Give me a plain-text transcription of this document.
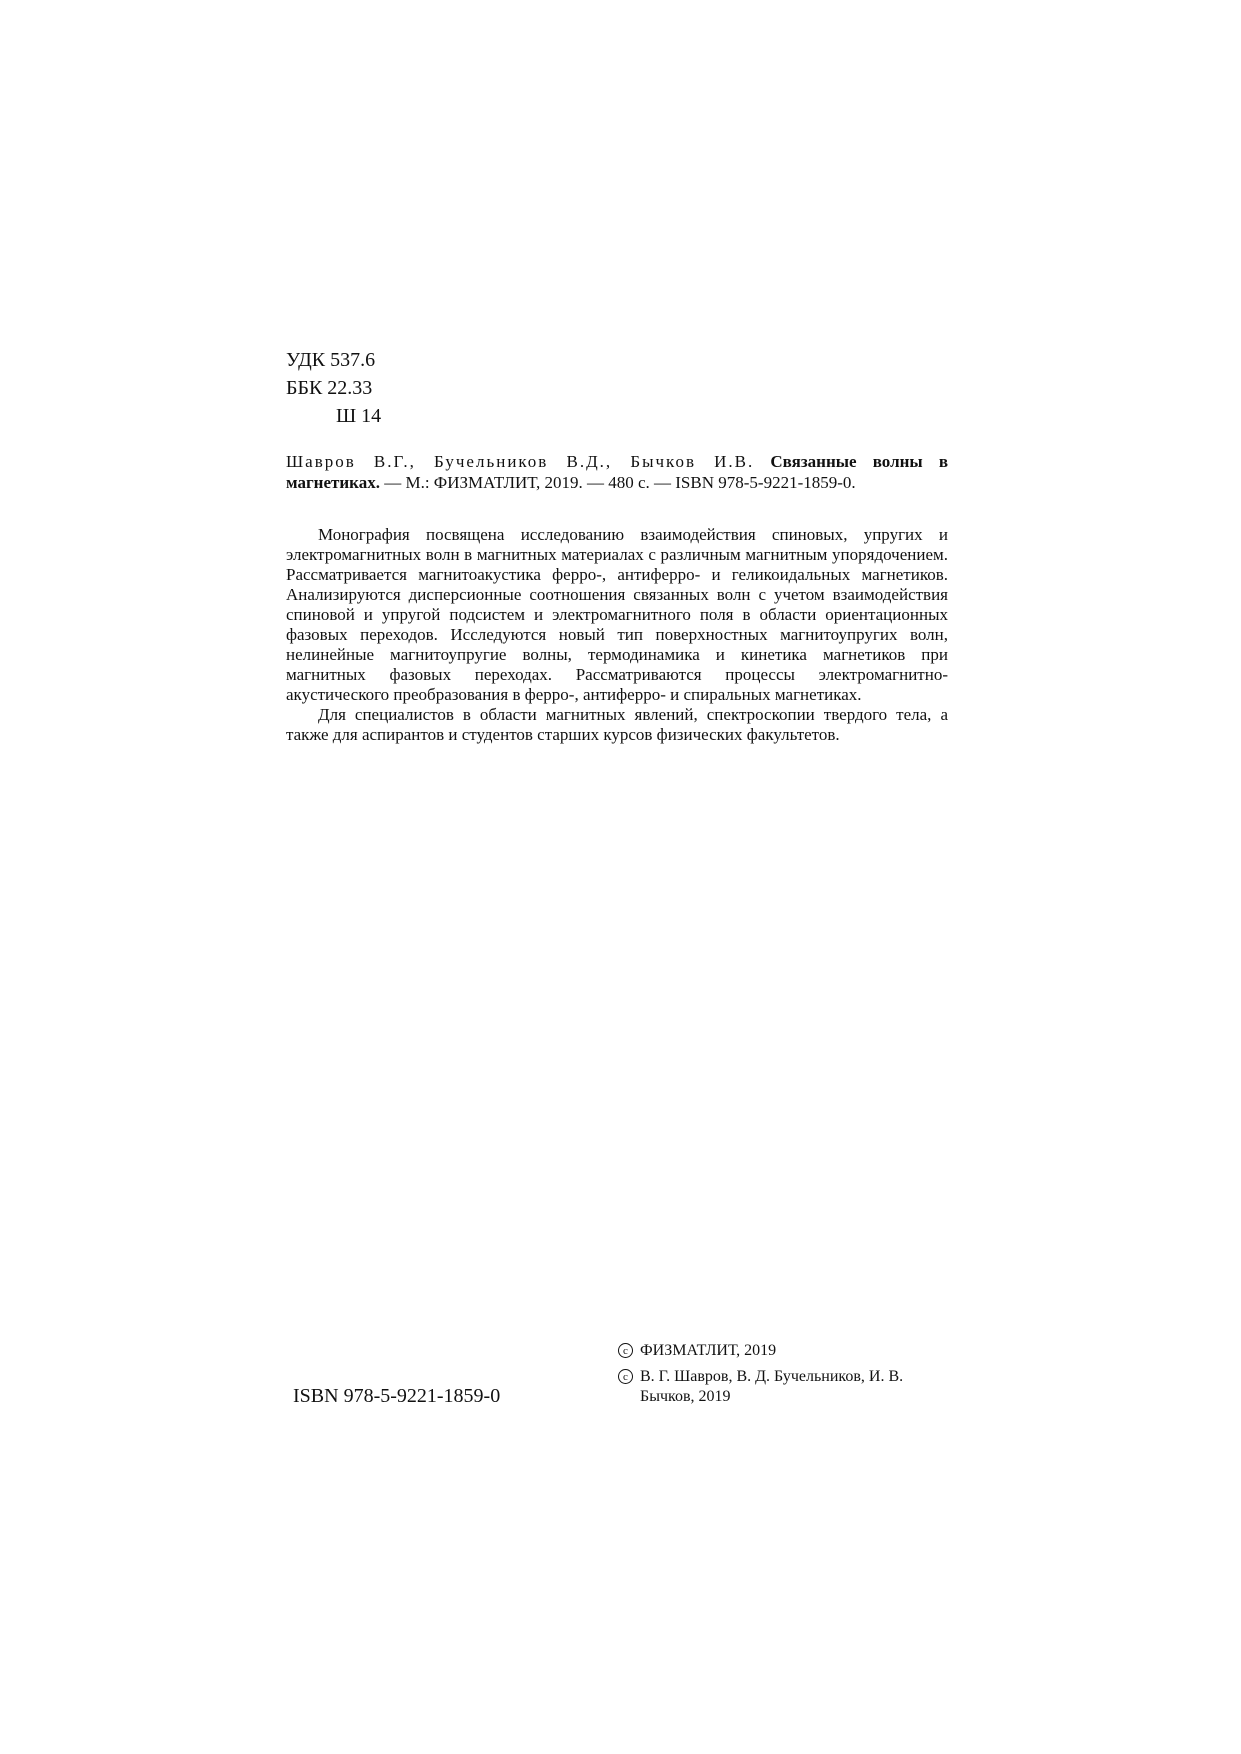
УДК 537.6
ББК 22.33
Ш 14
Шавров В.Г., Бучельников В.Д., Бычков И.В. Связанные волны в магнетиках. — М.: ФИЗМАТЛИТ, 2019. — 480 с. — ISBN 978-5-9221-1859-0.

Монография посвящена исследованию взаимодействия спиновых, упругих и электромагнитных волн в магнитных материалах с различным магнитным упорядочением. Рассматривается магнитоакустика ферро-, антиферро- и геликоидальных магнетиков. Анализируются дисперсионные соотношения связанных волн с учетом взаимодействия спиновой и упругой подсистем и электромагнитного поля в области ориентационных фазовых переходов. Исследуются новый тип поверхностных магнитоупругих волн, нелинейные магнитоупругие волны, термодинамика и кинетика магнетиков при магнитных фазовых переходах. Рассматриваются процессы электромагнитно-акустического преобразования в ферро-, антиферро- и спиральных магнетиках.

Для специалистов в области магнитных явлений, спектроскопии твердого тела, а также для аспирантов и студентов старших курсов физических факультетов.

ISBN 978-5-9221-1859-0
c ФИЗМАТЛИТ, 2019
c В. Г. Шавров, В. Д. Бучельников, И. В. Бычков, 2019
